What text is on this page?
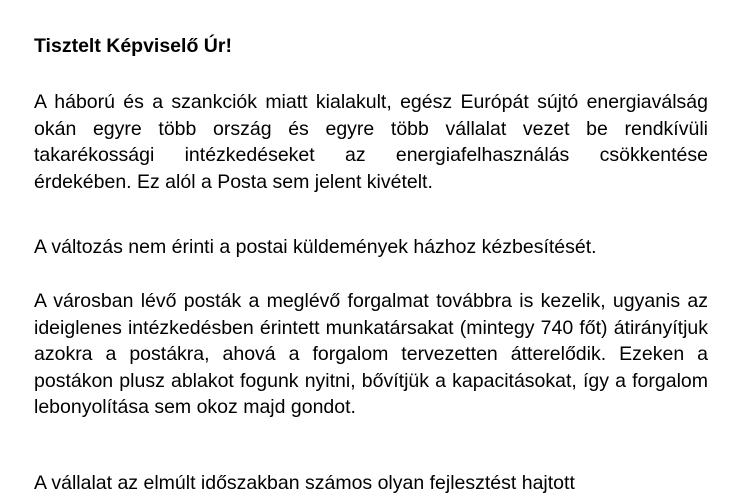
Tisztelt Képviselő Úr!

A háború és a szankciók miatt kialakult, egész Európát sújtó energiaválság okán egyre több ország és egyre több vállalat vezet be rendkívüli takarékossági intézkedéseket az energiafelhasználás csökkentése érdekében. Ez alól a Posta sem jelent kivételt.

A változás nem érinti a postai küldemények házhoz kézbesítését.

A városban lévő posták a meglévő forgalmat továbbra is kezelik, ugyanis az ideiglenes intézkedésben érintett munkatársakat (mintegy 740 főt) átirányítjuk azokra a postákra, ahová a forgalom tervezetten átterelődik. Ezeken a postákon plusz ablakot fogunk nyitni, bővítjük a kapacitásokat, így a forgalom lebonyolítása sem okoz majd gondot.

A vállalat az elmúlt időszakban számos olyan fejlesztést hajtott
